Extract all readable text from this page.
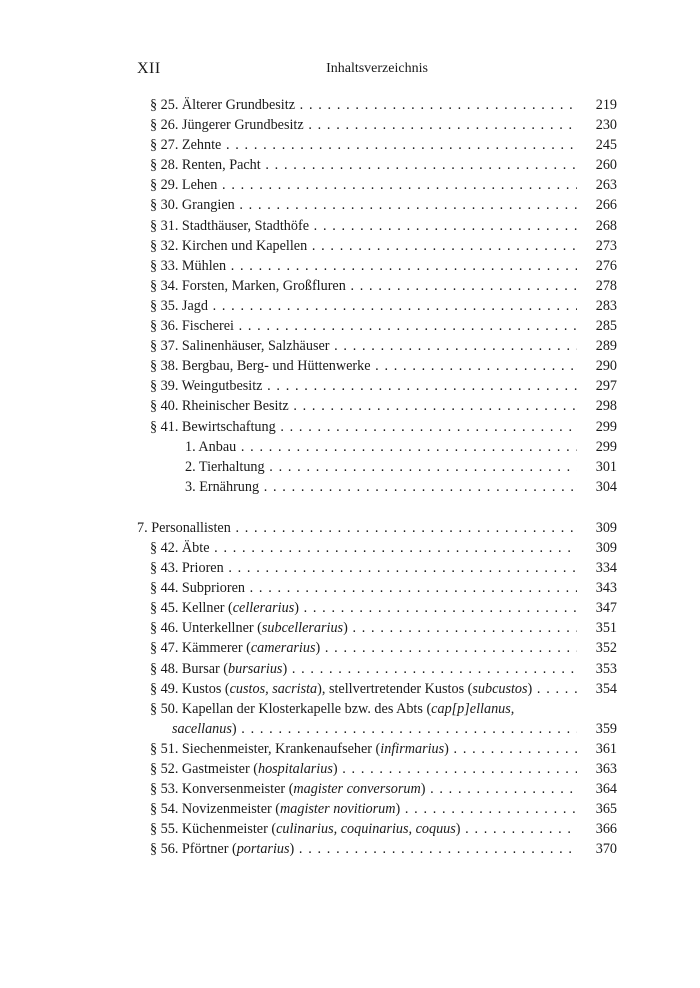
XII	Inhaltsverzeichnis
§ 25. Älterer Grundbesitz . . .	219
§ 26. Jüngerer Grundbesitz . . .	230
§ 27. Zehnte . . .	245
§ 28. Renten, Pacht . . .	260
§ 29. Lehen . . .	263
§ 30. Grangien . . .	266
§ 31. Stadthäuser, Stadthöfe . . .	268
§ 32. Kirchen und Kapellen . . .	273
§ 33. Mühlen . . .	276
§ 34. Forsten, Marken, Großfluren . . .	278
§ 35. Jagd . . .	283
§ 36. Fischerei . . .	285
§ 37. Salinenhäuser, Salzhäuser . . .	289
§ 38. Bergbau, Berg- und Hüttenwerke . . .	290
§ 39. Weingutbesitz . . .	297
§ 40. Rheinischer Besitz . . .	298
§ 41. Bewirtschaftung . . .	299
1. Anbau . . .	299
2. Tierhaltung . . .	301
3. Ernährung . . .	304
7. Personallisten . . .	309
§ 42. Äbte . . .	309
§ 43. Prioren . . .	334
§ 44. Subprioren . . .	343
§ 45. Kellner (cellerarius) . . .	347
§ 46. Unterkellner (subcellerarius) . . .	351
§ 47. Kämmerer (camerarius) . . .	352
§ 48. Bursar (bursarius) . . .	353
§ 49. Kustos (custos, sacrista), stellvertretender Kustos (subcustos) . . .	354
§ 50. Kapellan der Klosterkapelle bzw. des Abts (cap[p]ellanus,
sacellanus) . . .	359
§ 51. Siechenmeister, Krankenaufseher (infirmarius) . . .	361
§ 52. Gastmeister (hospitalarius) . . .	363
§ 53. Konversenmeister (magister conversorum) . . .	364
§ 54. Novizenmeister (magister novitiorum) . . .	365
§ 55. Küchenmeister (culinarius, coquinarius, coquus) . . .	366
§ 56. Pförtner (portarius) . . .	370
